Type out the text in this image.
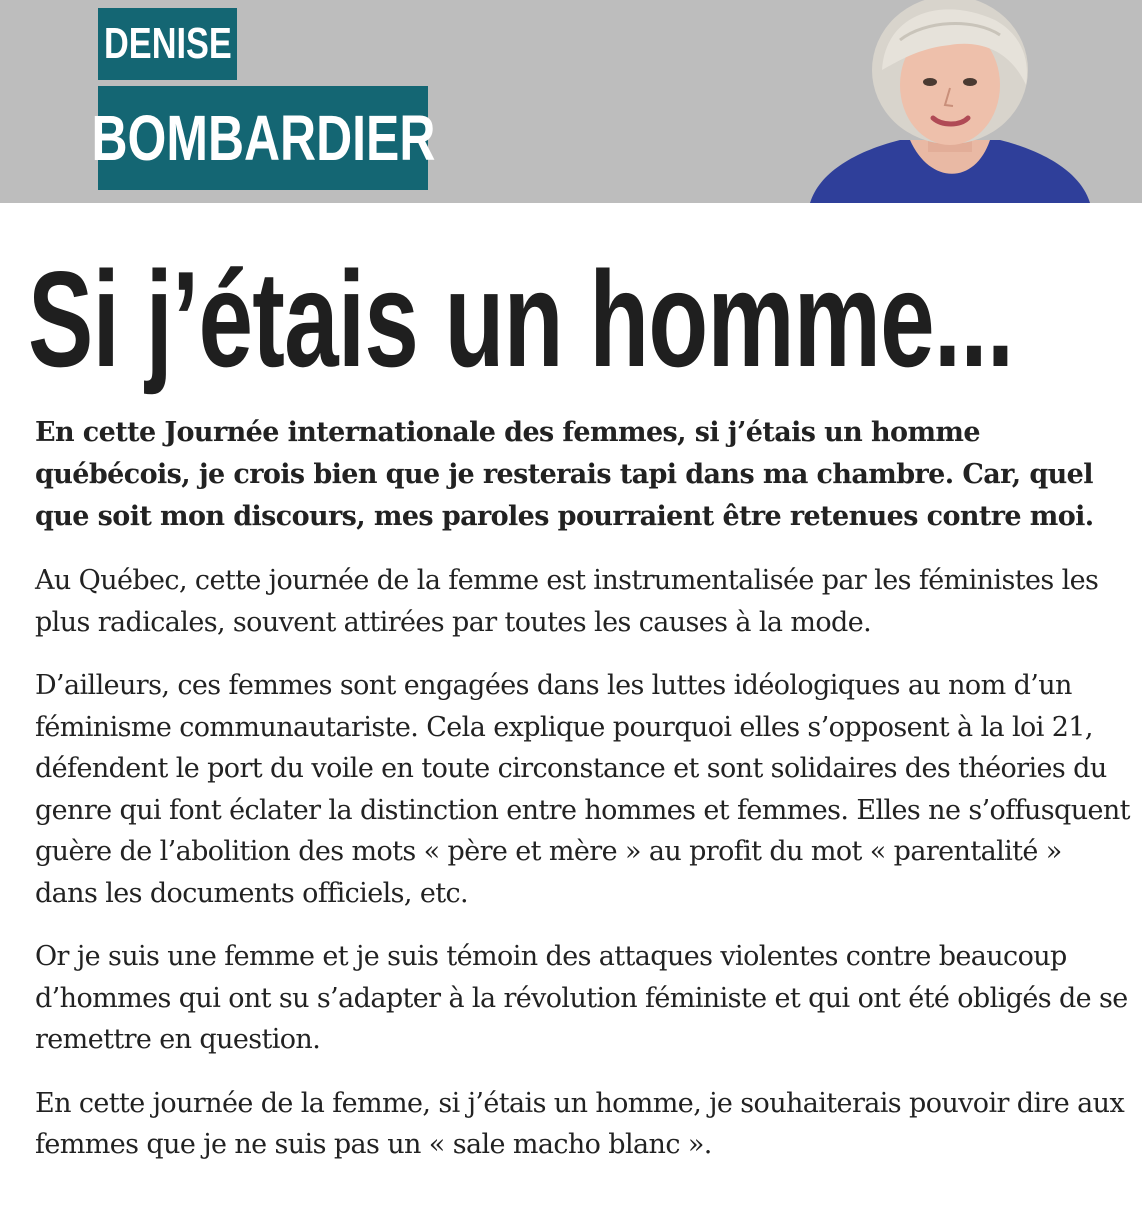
DENISE
BOMBARDIER
Si j’étais un homme...

En cette Journée internationale des femmes, si j’étais un homme québécois, je crois bien que je resterais tapi dans ma chambre. Car, quel que soit mon discours, mes paroles pourraient être retenues contre moi.

Au Québec, cette journée de la femme est instrumentalisée par les féministes les plus radicales, souvent attirées par toutes les causes à la mode.

D’ailleurs, ces femmes sont engagées dans les luttes idéologiques au nom d’un féminisme communautariste. Cela explique pourquoi elles s’opposent à la loi 21, défendent le port du voile en toute circonstance et sont solidaires des théories du genre qui font éclater la distinction entre hommes et femmes. Elles ne s’offusquent guère de l’abolition des mots « père et mère » au profit du mot « parentalité » dans les documents officiels, etc.

Or je suis une femme et je suis témoin des attaques violentes contre beaucoup d’hommes qui ont su s’adapter à la révolution féministe et qui ont été obligés de se remettre en question.

En cette journée de la femme, si j’étais un homme, je souhaiterais pouvoir dire aux femmes que je ne suis pas un « sale macho blanc ».
